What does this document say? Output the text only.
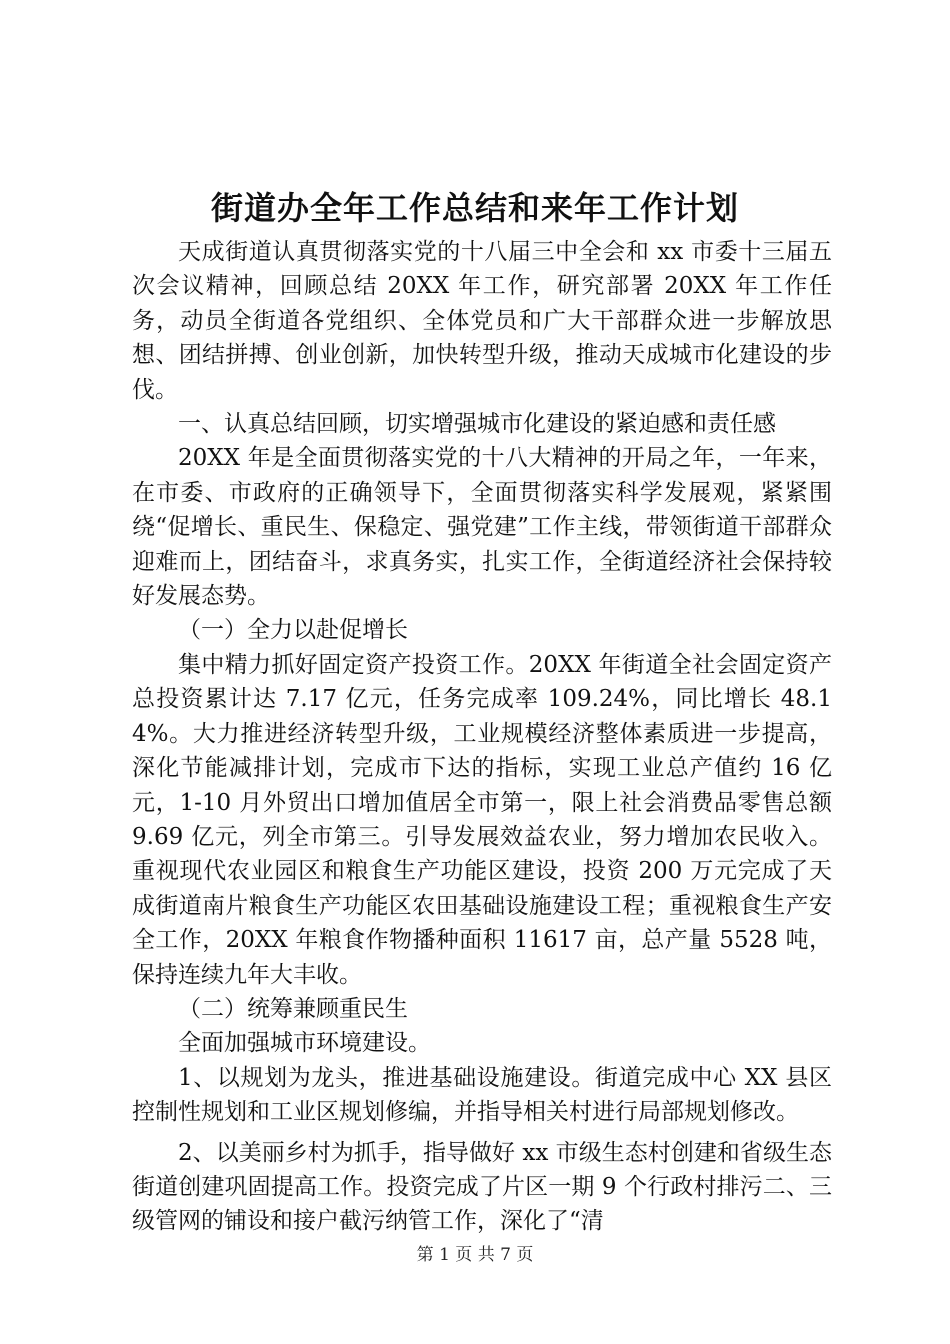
街道办全年工作总结和来年工作计划

天成街道认真贯彻落实党的十八届三中全会和 xx 市委十三届五次会议精神，回顾总结 20XX 年工作，研究部署 20XX 年工作任务，动员全街道各党组织、全体党员和广大干部群众进一步解放思想、团结拼搏、创业创新，加快转型升级，推动天成城市化建设的步伐。

一、认真总结回顾，切实增强城市化建设的紧迫感和责任感

20XX 年是全面贯彻落实党的十八大精神的开局之年，一年来，在市委、市政府的正确领导下，全面贯彻落实科学发展观，紧紧围绕“促增长、重民生、保稳定、强党建”工作主线，带领街道干部群众迎难而上，团结奋斗，求真务实，扎实工作，全街道经济社会保持较好发展态势。

（一）全力以赴促增长

集中精力抓好固定资产投资工作。20XX 年街道全社会固定资产总投资累计达 7.17 亿元，任务完成率 109.24%，同比增长 48.14%。大力推进经济转型升级，工业规模经济整体素质进一步提高，深化节能减排计划，完成市下达的指标，实现工业总产值约 16 亿元，1-10 月外贸出口增加值居全市第一，限上社会消费品零售总额 9.69 亿元，列全市第三。引导发展效益农业，努力增加农民收入。重视现代农业园区和粮食生产功能区建设，投资 200 万元完成了天成街道南片粮食生产功能区农田基础设施建设工程；重视粮食生产安全工作，20XX 年粮食作物播种面积 11617 亩，总产量 5528 吨，保持连续九年大丰收。

（二）统筹兼顾重民生

全面加强城市环境建设。

1、以规划为龙头，推进基础设施建设。街道完成中心 XX 县区控制性规划和工业区规划修编，并指导相关村进行局部规划修改。

2、以美丽乡村为抓手，指导做好 xx 市级生态村创建和省级生态街道创建巩固提高工作。投资完成了片区一期 9 个行政村排污二、三级管网的铺设和接户截污纳管工作，深化了“清

第 1 页 共 7 页
